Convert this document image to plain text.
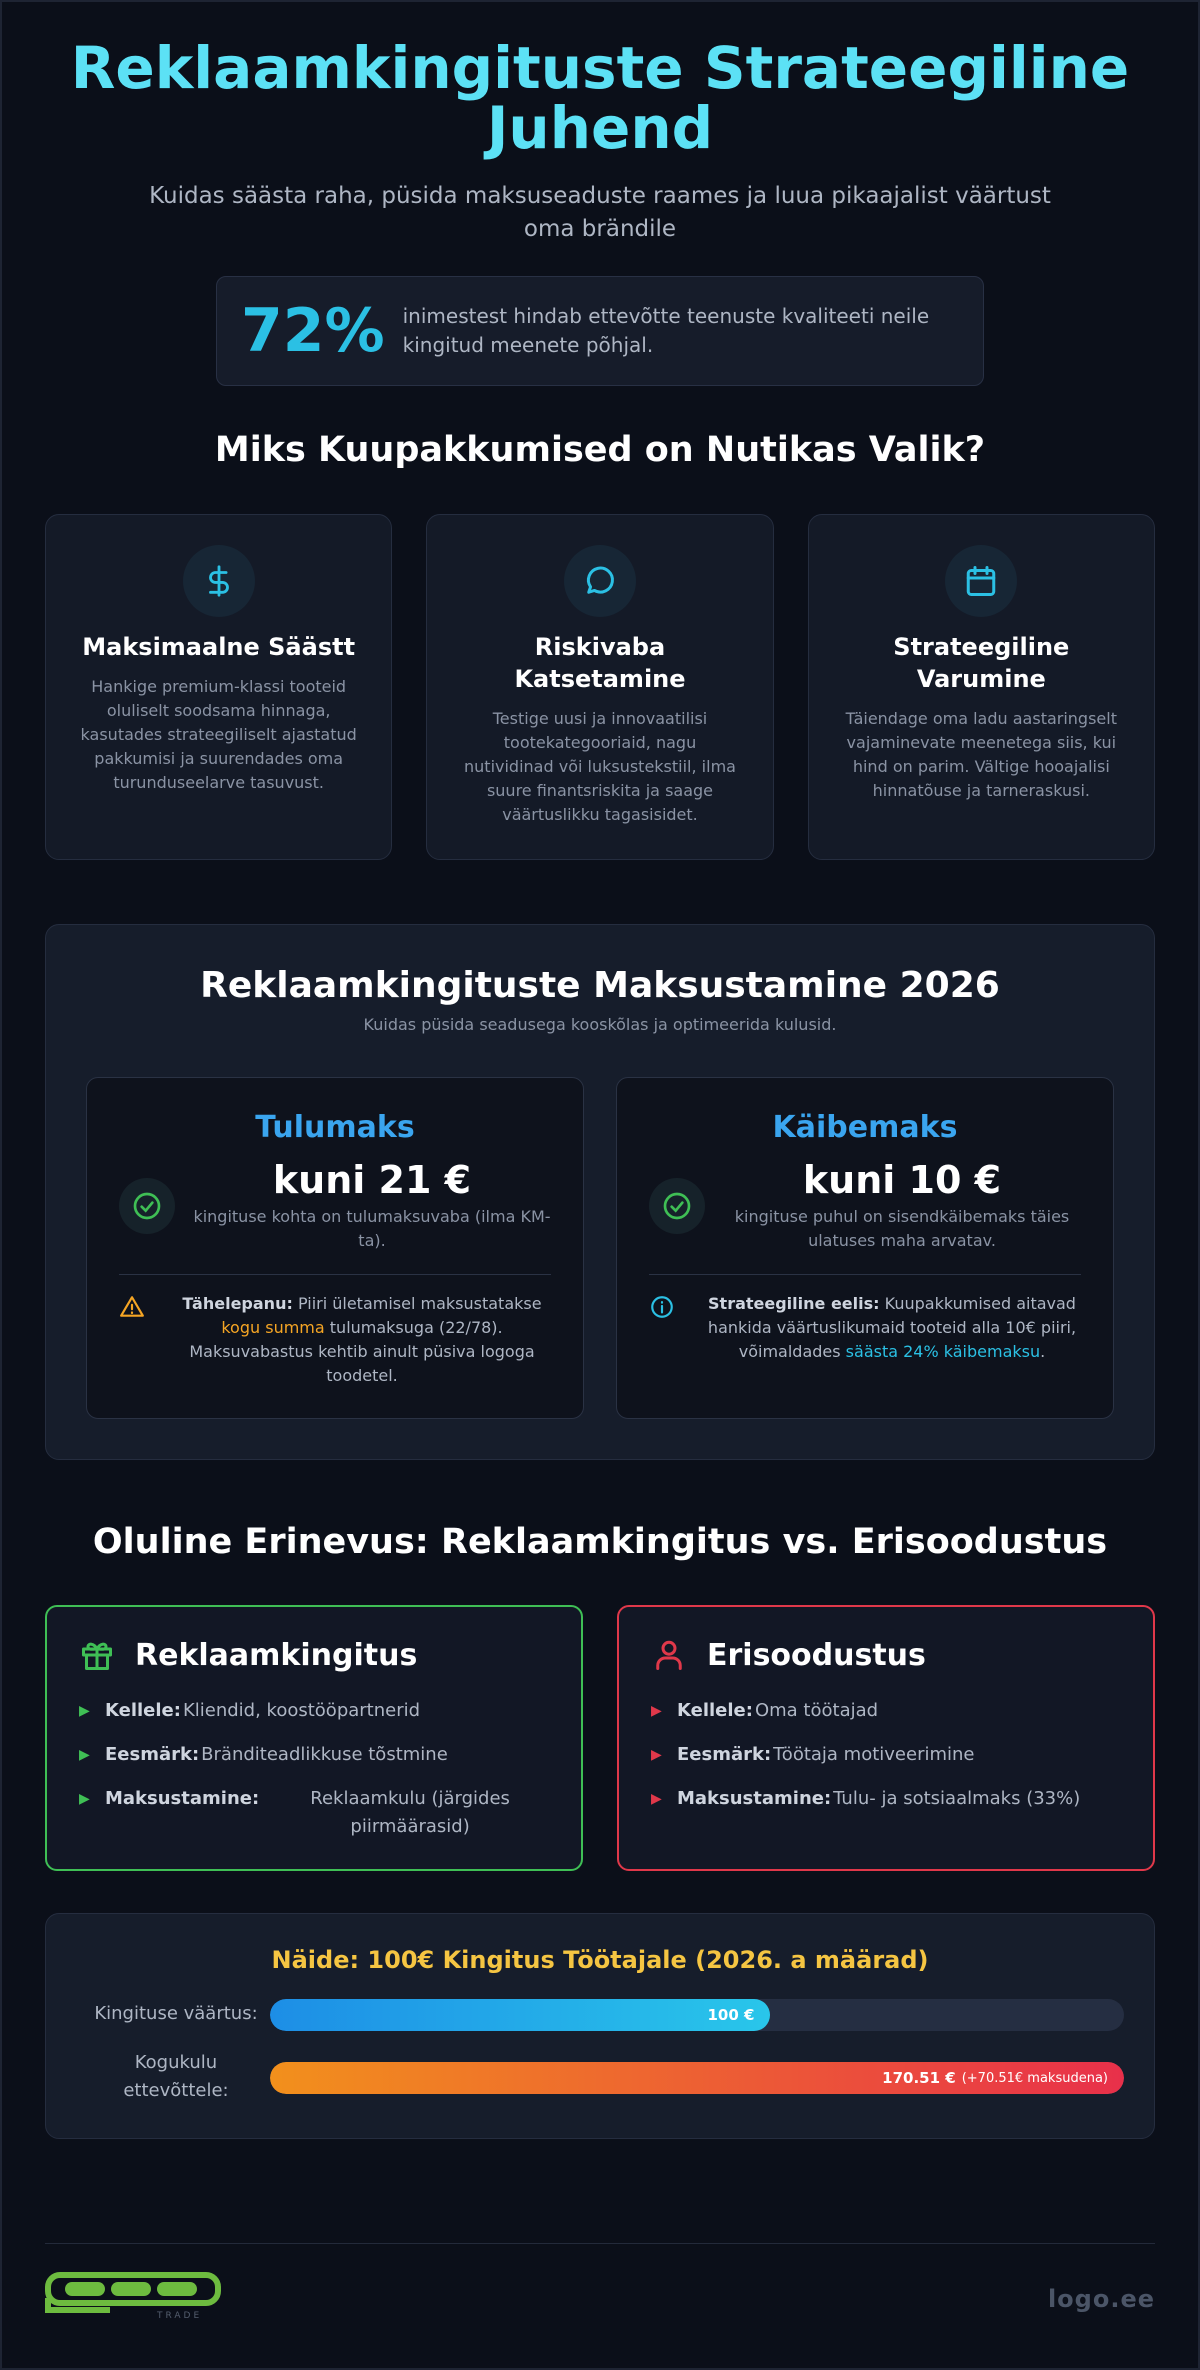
Reklaamkingituste Strateegiline Juhend

Kuidas säästa raha, püsida maksuseaduste raames ja luua pikaajalist väärtust oma brändile

72% inimestest hindab ettevõtte teenuste kvaliteeti neile kingitud meenete põhjal.
Miks Kuupakkumised on Nutikas Valik?
Maksimaalne Säästt
Hankige premium-klassi tooteid oluliselt soodsama hinnaga, kasutades strateegiliselt ajastatud pakkumisi ja suurendades oma turunduseelarve tasuvust.
Riskivaba Katsetamine
Testige uusi ja innovaatilisi tootekategooriaid, nagu nutividinad või luksustekstiil, ilma suure finantsriskita ja saage väärtuslikku tagasisidet.
Strateegiline Varumine
Täiendage oma ladu aastaringselt vajaminevate meenetega siis, kui hind on parim. Vältige hooajalisi hinnatõuse ja tarneraskusi.
Reklaamkingituste Maksustamine 2026
Kuidas püsida seadusega kooskõlas ja optimeerida kulusid.
Tulumaks
kuni 21 €
kingituse kohta on tulumaksuvaba (ilma KM-ta).

Tähelepanu: Piiri ületamisel maksustatakse kogu summa tulumaksuga (22/78). Maksuvabastus kehtib ainult püsiva logoga toodetel.

Käibemaks
kuni 10 €
kingituse puhul on sisendkäibemaks täies ulatuses maha arvatav.

Strateegiline eelis: Kuupakkumised aitavad hankida väärtuslikumaid tooteid alla 10€ piiri, võimaldades säästa 24% käibemaksu.

Oluline Erinevus: Reklaamkingitus vs. Erisoodustus
Reklaamkingitus
▶ Kellele: Kliendid, koostööpartnerid
▶ Eesmärk: Bränditeadlikkuse tõstmine
▶ Maksustamine:	Reklaamkulu (järgides piirmäärasid)
Erisoodustus
▶ Kellele: Oma töötajad
▶ Eesmärk: Töötaja motiveerimine
▶ Maksustamine: Tulu- ja sotsiaalmaks (33%)
Näide: 100€ Kingitus Töötajale (2026. a määrad)
Kingituse väärtus:	100 €
Kogukulu ettevõttele:
170.51 € (+70.51€ maksudena)
TRADE
logo.ee
